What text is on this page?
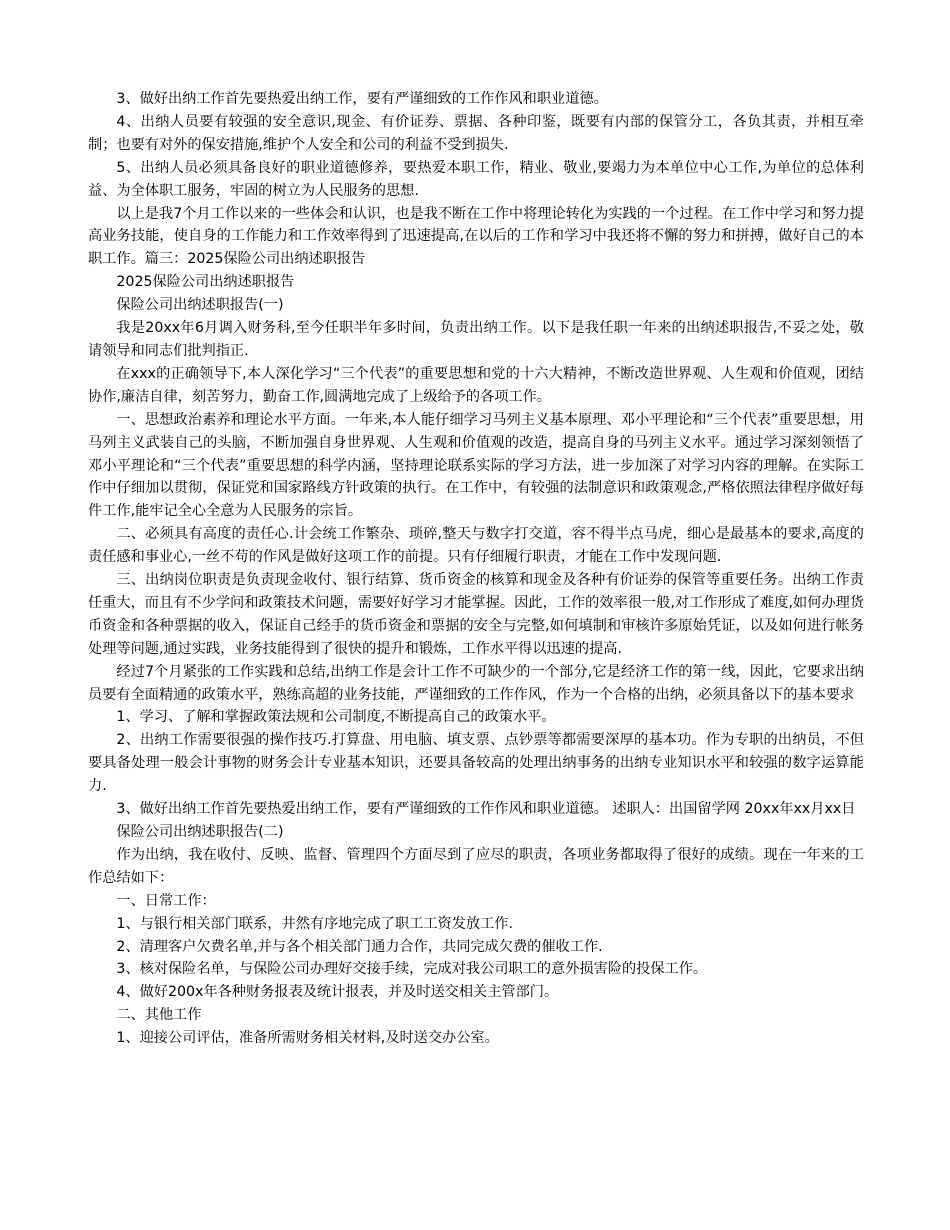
3、做好出纳工作首先要热爱出纳工作，要有严谨细致的工作作风和职业道德。

4、出纳人员要有较强的安全意识,现金、有价证券、票据、各种印鉴，既要有内部的保管分工，各负其责，并相互牵制；也要有对外的保安措施,维护个人安全和公司的利益不受到损失.

5、出纳人员必须具备良好的职业道德修养，要热爱本职工作，精业、敬业,要竭力为本单位中心工作,为单位的总体利益、为全体职工服务，牢固的树立为人民服务的思想.

以上是我7个月工作以来的一些体会和认识，也是我不断在工作中将理论转化为实践的一个过程。在工作中学习和努力提高业务技能，使自身的工作能力和工作效率得到了迅速提高,在以后的工作和学习中我还将不懈的努力和拼搏，做好自己的本职工作。篇三：2025保险公司出纳述职报告

2025保险公司出纳述职报告

保险公司出纳述职报告(一)

我是20xx年6月调入财务科,至今任职半年多时间，负责出纳工作。以下是我任职一年来的出纳述职报告,不妥之处，敬请领导和同志们批判指正.

在xxx的正确领导下,本人深化学习“三个代表”的重要思想和党的十六大精神，不断改造世界观、人生观和价值观，团结协作,廉洁自律，刻苦努力，勤奋工作,圆满地完成了上级给予的各项工作。

一、思想政治素养和理论水平方面。一年来,本人能仔细学习马列主义基本原理、邓小平理论和“三个代表”重要思想，用马列主义武装自己的头脑，不断加强自身世界观、人生观和价值观的改造，提高自身的马列主义水平。通过学习深刻领悟了邓小平理论和“三个代表”重要思想的科学内涵，坚持理论联系实际的学习方法，进一步加深了对学习内容的理解。在实际工作中仔细加以贯彻，保证党和国家路线方针政策的执行。在工作中，有较强的法制意识和政策观念,严格依照法律程序做好每件工作,能牢记全心全意为人民服务的宗旨。

二、必须具有高度的责任心.计会统工作繁杂、琐碎,整天与数字打交道，容不得半点马虎，细心是最基本的要求,高度的责任感和事业心,一丝不苟的作风是做好这项工作的前提。只有仔细履行职责，才能在工作中发现问题.

三、出纳岗位职责是负责现金收付、银行结算、货币资金的核算和现金及各种有价证券的保管等重要任务。出纳工作责任重大，而且有不少学问和政策技术问题，需要好好学习才能掌握。因此，工作的效率很一般,对工作形成了难度,如何办理货币资金和各种票据的收入，保证自己经手的货币资金和票据的安全与完整,如何填制和审核许多原始凭证，以及如何进行帐务处理等问题,通过实践，业务技能得到了很快的提升和锻炼，工作水平得以迅速的提高.

经过7个月紧张的工作实践和总结,出纳工作是会计工作不可缺少的一个部分,它是经济工作的第一线，因此，它要求出纳员要有全面精通的政策水平，熟练高超的业务技能，严谨细致的工作作风，作为一个合格的出纳，必须具备以下的基本要求

1、学习、了解和掌握政策法规和公司制度,不断提高自己的政策水平。

2、出纳工作需要很强的操作技巧.打算盘、用电脑、填支票、点钞票等都需要深厚的基本功。作为专职的出纳员，不但要具备处理一般会计事物的财务会计专业基本知识，还要具备较高的处理出纳事务的出纳专业知识水平和较强的数字运算能力.

3、做好出纳工作首先要热爱出纳工作，要有严谨细致的工作作风和职业道德。 述职人：出国留学网 20xx年xx月xx日

保险公司出纳述职报告(二)

作为出纳，我在收付、反映、监督、管理四个方面尽到了应尽的职责，各项业务都取得了很好的成绩。现在一年来的工作总结如下：

一、日常工作：

1、与银行相关部门联系，井然有序地完成了职工工资发放工作.

2、清理客户欠费名单,并与各个相关部门通力合作，共同完成欠费的催收工作.

3、核对保险名单，与保险公司办理好交接手续，完成对我公司职工的意外损害险的投保工作。

4、做好200x年各种财务报表及统计报表，并及时送交相关主管部门。

二、其他工作

1、迎接公司评估，准备所需财务相关材料,及时送交办公室。
